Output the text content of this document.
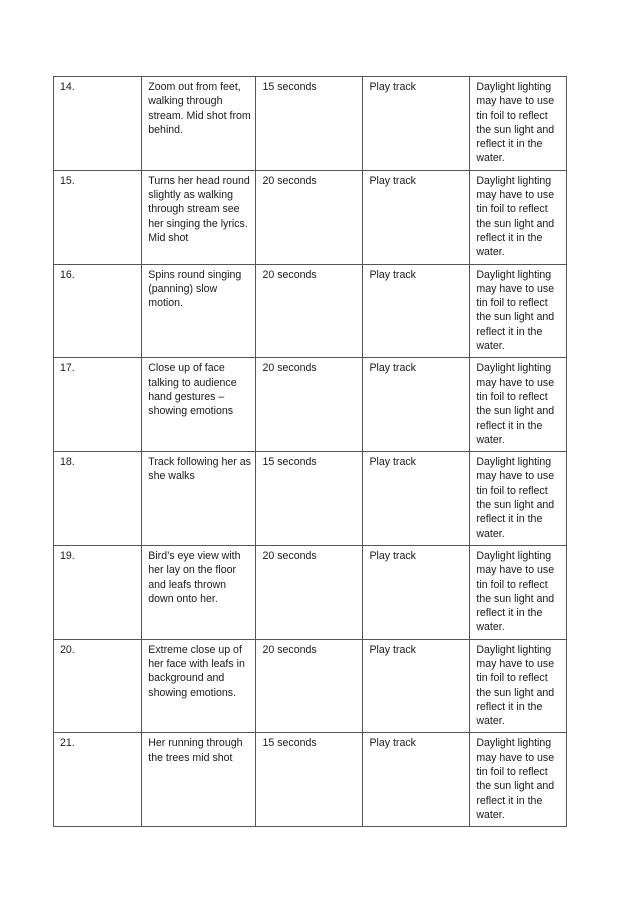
14.	Zoom out from feet, walking through stream. Mid shot from behind.	15 seconds	Play track	Daylight lighting may have to use tin foil to reflect the sun light and reflect it in the water.
15.	Turns her head round slightly as walking through stream see her singing the lyrics. Mid shot	20 seconds	Play track	Daylight lighting may have to use tin foil to reflect the sun light and reflect it in the water.
16.	Spins round singing (panning) slow motion.	20 seconds	Play track	Daylight lighting may have to use tin foil to reflect the sun light and reflect it in the water.
17.	Close up of face talking to audience hand gestures – showing emotions	20 seconds	Play track	Daylight lighting may have to use tin foil to reflect the sun light and reflect it in the water.
18.	Track following her as she walks	15 seconds	Play track	Daylight lighting may have to use tin foil to reflect the sun light and reflect it in the water.
19.	Bird’s eye view with her lay on the floor and leafs thrown down onto her.	20 seconds	Play track	Daylight lighting may have to use tin foil to reflect the sun light and reflect it in the water.
20.	Extreme close up of her face with leafs in background and showing emotions.	20 seconds	Play track	Daylight lighting may have to use tin foil to reflect the sun light and reflect it in the water.
21.	Her running through the trees mid shot	15 seconds	Play track	Daylight lighting may have to use tin foil to reflect the sun light and reflect it in the water.
